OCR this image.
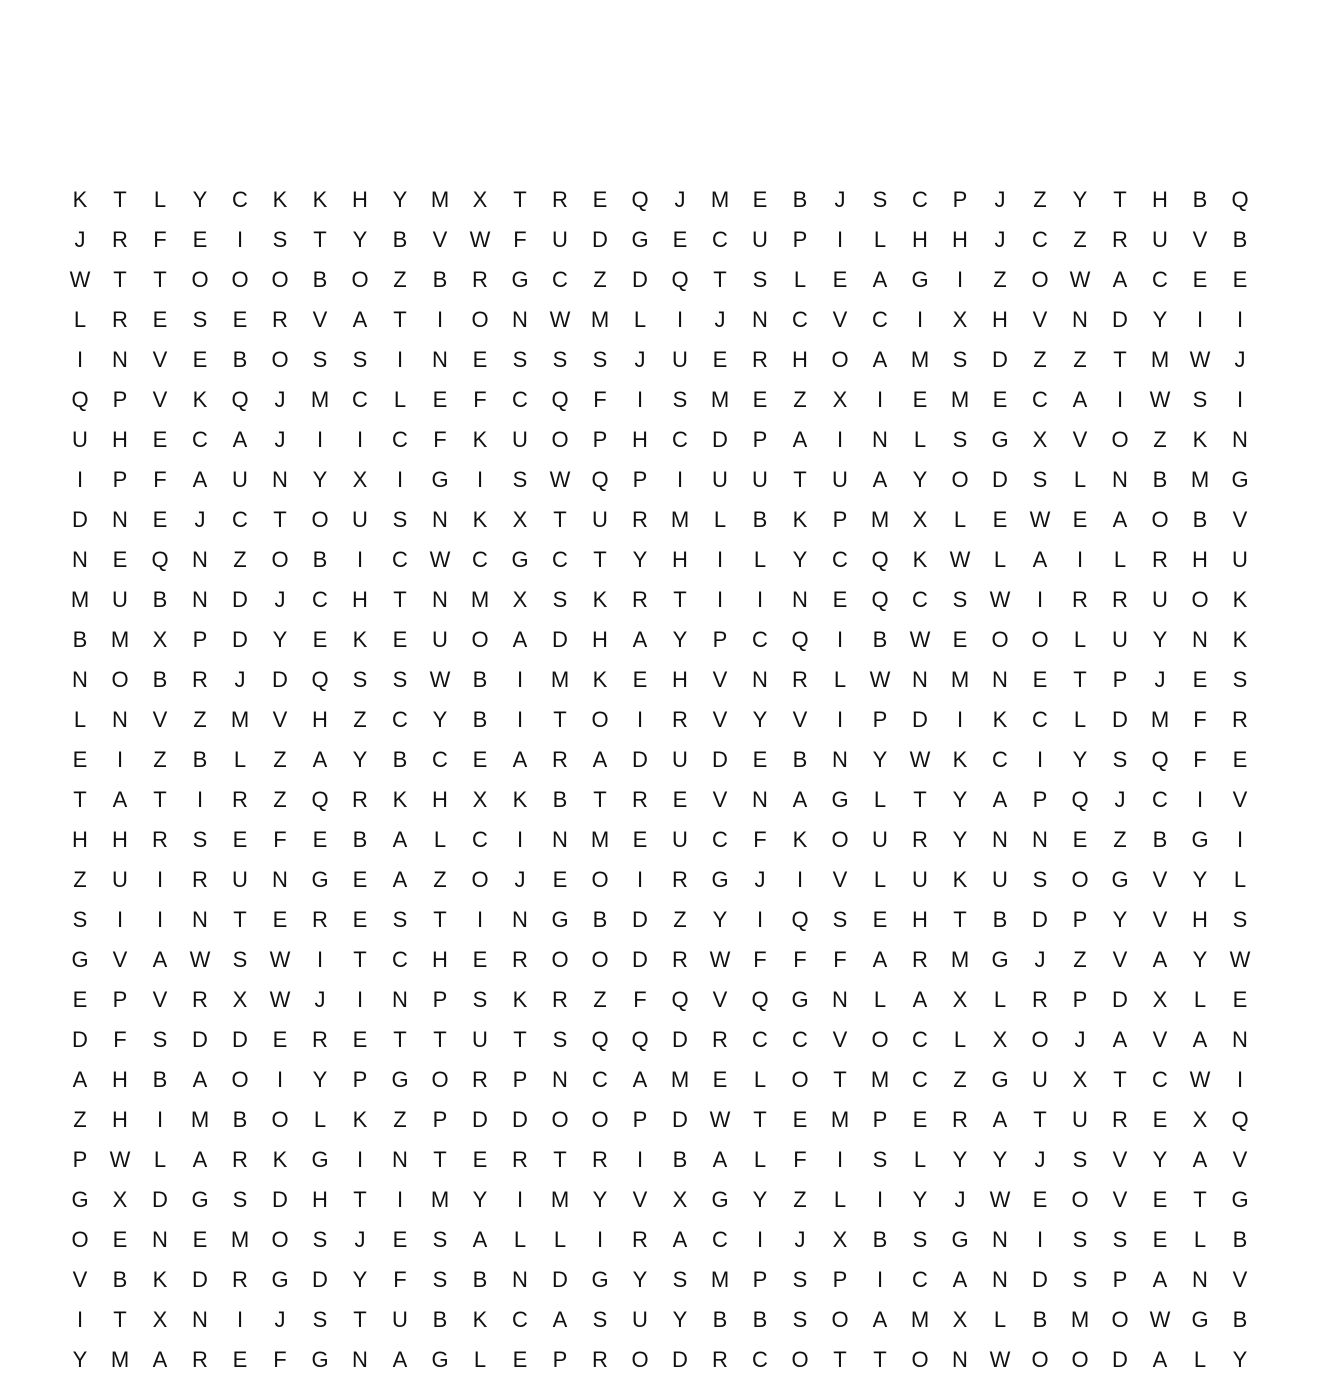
K	T	L	Y	C	K	K	H	Y	M	X	T	R	E	Q	J	M	E	B	J	S	C	P	J	Z	Y	T	H	B	Q
J	R	F	E	I	S	T	Y	B	V	W	F	U	D	G	E	C	U	P	I	L	H	H	J	C	Z	R	U	V	B
W	T	T	O	O	O	B	O	Z	B	R	G	C	Z	D	Q	T	S	L	E	A	G	I	Z	O W	A	C	E	E
L	R	E	S	E	R	V	A	T	I	O	N W M	L	I	J	N	C	V	C	I	X	H	V	N	D	Y	I	I
I	N	V	E	B	O	S	S	I	N	E	S	S	S	J	U	E	R	H	O	A	M	S	D	Z	Z	T	M W	J
Q	P	V	K	Q	J	M	C	L	E	F	C	Q	F	I	S	M	E	Z	X	I	E	M	E	C	A	I	W	S	I
U	H	E	C	A	J	I	I	C	F	K	U	O	P	H	C	D	P	A	I	N	L	S	G	X	V	O	Z	K	N
I	P	F	A	U	N	Y	X	I	G	I	S	W Q	P	I	U	U	T	U	A	Y	O	D	S	L	N	B	M	G
D	N	E	J	C	T	O	U	S	N	K	X	T	U	R	M	L	B	K	P	M	X	L	E	W	E	A	O	B	V
N	E	Q	N	Z	O	B	I	C W C	G	C	T	Y	H	I	L	Y	C	Q	K	W	L	A	I	L	R	H	U
M	U	B	N	D	J	C	H	T	N	M	X	S	K	R	T	I	I	N	E	Q	C	S	W	I	R	R	U	O	K
B	M	X	P	D	Y	E	K	E	U	O	A	D	H	A	Y	P	C	Q	I	B	W	E	O	O	L	U	Y	N	K
N	O	B	R	J	D	Q	S	S	W	B	I	M	K	E	H	V	N	R	L	W N	M	N	E	T	P	J	E	S
L	N	V	Z	M	V	H	Z	C	Y	B	I	T	O	I	R	V	Y	V	I	P	D	I	K	C	L	D	M	F	R
E	I	Z	B	L	Z	A	Y	B	C	E	A	R	A	D	U	D	E	B	N	Y	W	K	C	I	Y	S	Q	F	E
T	A	T	I	R	Z	Q	R	K	H	X	K	B	T	R	E	V	N	A	G	L	T	Y	A	P	Q	J	C	I	V
H	H	R	S	E	F	E	B	A	L	C	I	N	M	E	U	C	F	K	O	U	R	Y	N	N	E	Z	B	G	I
Z	U	I	R	U	N	G	E	A	Z	O	J	E	O	I	R	G	J	I	V	L	U	K	U	S	O	G	V	Y	L
S	I	I	N	T	E	R	E	S	T	I	N	G	B	D	Z	Y	I	Q	S	E	H	T	B	D	P	Y	V	H	S
G	V	A	W	S	W	I	T	C	H	E	R	O	O	D	R W	F	F	F	A	R	M	G	J	Z	V	A	Y	W
E	P	V	R	X	W	J	I	N	P	S	K	R	Z	F	Q	V	Q	G	N	L	A	X	L	R	P	D	X	L	E
D	F	S	D	D	E	R	E	T	T	U	T	S	Q	Q	D	R	C	C	V	O	C	L	X	O	J	A	V	A	N
A	H	B	A	O	I	Y	P	G	O	R	P	N	C	A	M	E	L	O	T	M	C	Z	G	U	X	T	C W	I
Z	H	I	M	B	O	L	K	Z	P	D	D	O	O	P	D W	T	E	M	P	E	R	A	T	U	R	E	X	Q
P	W	L	A	R	K	G	I	N	T	E	R	T	R	I	B	A	L	F	I	S	L	Y	Y	J	S	V	Y	A	V
G	X	D	G	S	D	H	T	I	M	Y	I	M	Y	V	X	G	Y	Z	L	I	Y	J	W	E	O	V	E	T	G
O	E	N	E	M	O	S	J	E	S	A	L	L	I	R	A	C	I	J	X	B	S	G	N	I	S	S	E	L	B
V	B	K	D	R	G	D	Y	F	S	B	N	D	G	Y	S	M	P	S	P	I	C	A	N	D	S	P	A	N	V
I	T	X	N	I	J	S	T	U	B	K	C	A	S	U	Y	B	B	S	O	A	M	X	L	B	M	O W G	B
Y	M	A	R	E	F	G	N	A	G	L	E	P	R	O	D	R	C	O	T	T	O	N W O	O	D	A	L	Y
